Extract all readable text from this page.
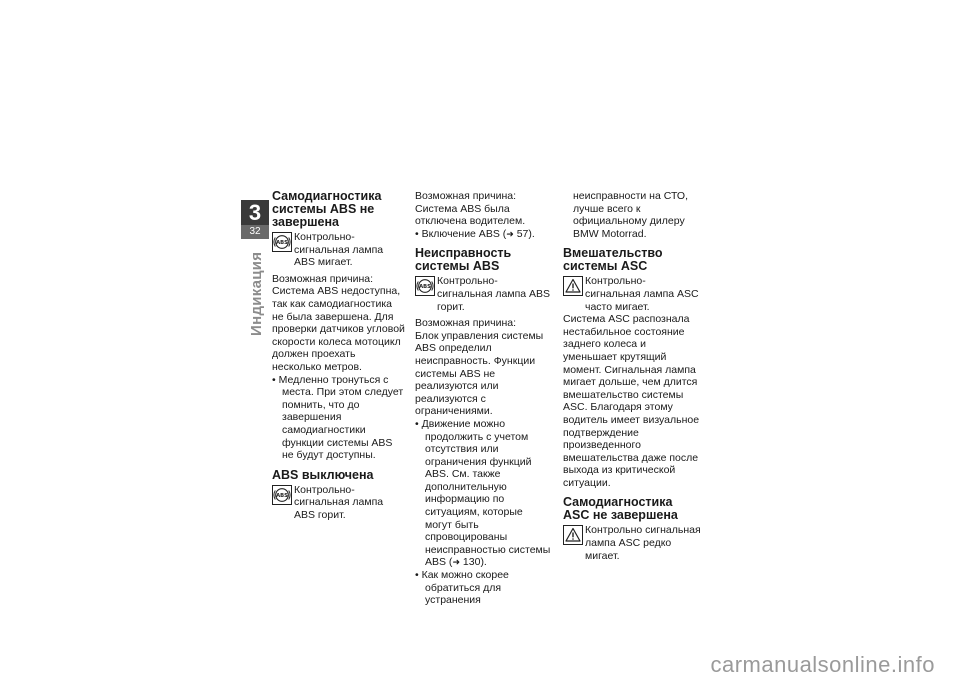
3
32
Индикация
Самодиагностика системы ABS не завершена
ABS Контрольно-сигнальная лампа ABS мигает.

Возможная причина:

Система ABS недоступна, так как самодиагностика не была завершена. Для проверки датчиков угловой скорости колеса мотоцикл должен проехать несколько метров.

• Медленно тронуться с места. При этом следует помнить, что до завершения самодиагностики функции системы ABS не будут доступны.

ABS выключена
ABS Контрольно-сигнальная лампа ABS горит.

Возможная причина:

Система ABS была отключена водителем.

• Включение ABS (➜ 57).

Неисправность системы ABS
ABS Контрольно-сигнальная лампа ABS горит.

Возможная причина:

Блок управления системы ABS определил неисправность. Функции системы ABS не реализуются или реализуются с ограничениями.

• Движение можно продолжить с учетом отсутствия или ограничения функций ABS. См. также дополнительную информацию по ситуациям, которые могут быть спровоцированы неисправностью системы ABS (➜ 130).

• Как можно скорее обратиться для устранения

неисправности на СТО, лучше всего к официальному дилеру BMW Motorrad.

Вмешательство системы ASC
Контрольно-сигнальная лампа ASC часто мигает.

Система ASC распознала нестабильное состояние заднего колеса и уменьшает крутящий момент. Сигнальная лампа мигает дольше, чем длится вмешательство системы ASC. Благодаря этому водитель имеет визуальное подтверждение произведенного вмешательства даже после выхода из критической ситуации.

Самодиагностика ASC не завершена
Контрольно сигнальная лампа ASC редко мигает.
carmanualsonline.info
